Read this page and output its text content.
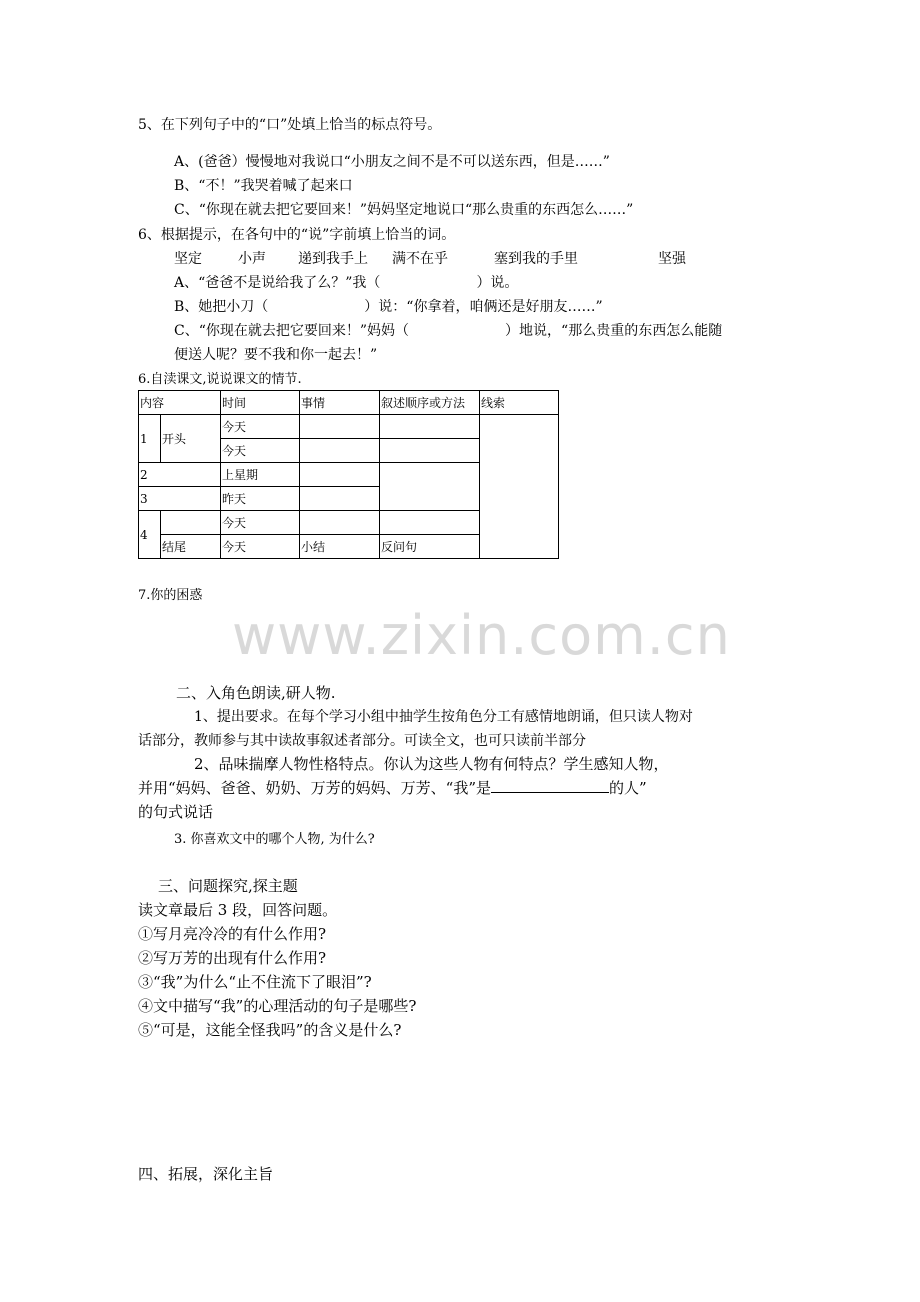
5、在下列句子中的“口”处填上恰当的标点符号。
A、(爸爸）慢慢地对我说口“小朋友之间不是不可以送东西，但是……”
B、“不！”我哭着喊了起来口
C、“你现在就去把它要回来！”妈妈坚定地说口“那么贵重的东西怎么……”
6、根据提示，在各句中的“说”字前填上恰当的词。
坚定	小声 递到我手上 满不在乎	塞到我的手里	坚强
A、“爸爸不是说给我了么？”我（	）说。
B、她把小刀（	）说：“你拿着，咱俩还是好朋友……”
C、“你现在就去把它要回来！”妈妈（	）地说，“那么贵重的东西怎么能随
便送人呢？要不我和你一起去！”
6.自渎课文,说说课文的情节.
内容		时间	事情	叙述顺序或方法	线索
1	开头	今天			
		今天			
2		上星期			
3		昨天			
4		今天			
	结尾	今天	小结	反问句	
7.你的困惑
www.zixin.com.cn
二、入角色朗读,研人物.
1、提出要求。在每个学习小组中抽学生按角色分工有感情地朗诵，但只读人物对
话部分，教师参与其中读故事叙述者部分。可读全文，也可只读前半部分
2、品味揣摩人物性格特点。你认为这些人物有何特点？学生感知人物，
并用“妈妈、爸爸、奶奶、万芳的妈妈、万芳、“我”是	的人”
的句式说话
3. 你喜欢文中的哪个人物, 为什么?
三、问题探究,探主题
读文章最后 3 段，回答问题。
①写月亮冷冷的有什么作用?
②写万芳的出现有什么作用?
③“我”为什么“止不住流下了眼泪”?
④文中描写“我”的心理活动的句子是哪些?
⑤“可是，这能全怪我吗”的含义是什么?
四、拓展，深化主旨
